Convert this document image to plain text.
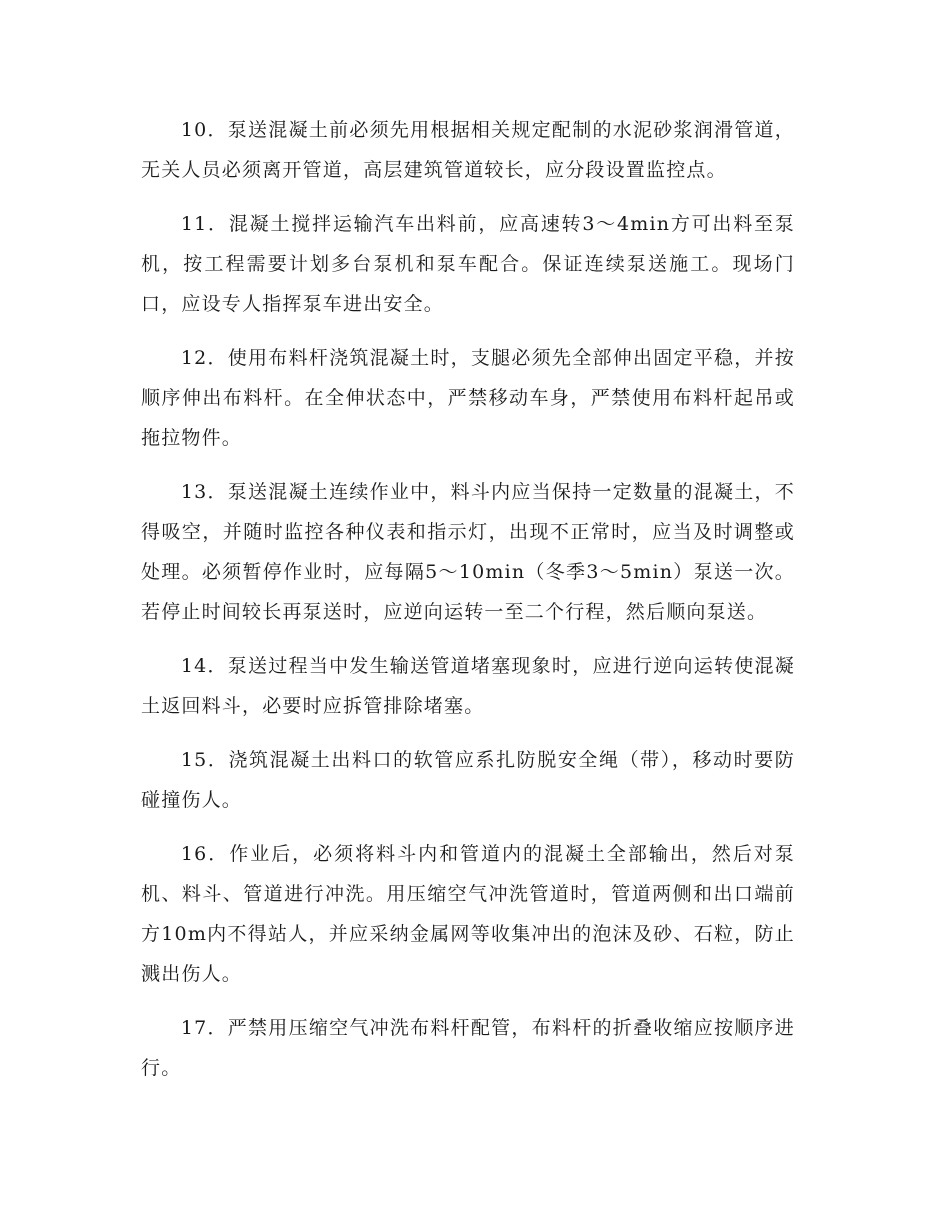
10．泵送混凝土前必须先用根据相关规定配制的水泥砂浆润滑管道，无关人员必须离开管道，高层建筑管道较长，应分段设置监控点。

11．混凝土搅拌运输汽车出料前，应高速转3～4min方可出料至泵机，按工程需要计划多台泵机和泵车配合。保证连续泵送施工。现场门口，应设专人指挥泵车进出安全。

12．使用布料杆浇筑混凝土时，支腿必须先全部伸出固定平稳，并按顺序伸出布料杆。在全伸状态中，严禁移动车身，严禁使用布料杆起吊或拖拉物件。

13．泵送混凝土连续作业中，料斗内应当保持一定数量的混凝土，不得吸空，并随时监控各种仪表和指示灯，出现不正常时，应当及时调整或处理。必须暂停作业时，应每隔5～10min（冬季3～5min）泵送一次。若停止时间较长再泵送时，应逆向运转一至二个行程，然后顺向泵送。

14．泵送过程当中发生输送管道堵塞现象时，应进行逆向运转使混凝土返回料斗，必要时应拆管排除堵塞。

15．浇筑混凝土出料口的软管应系扎防脱安全绳（带），移动时要防碰撞伤人。

16．作业后，必须将料斗内和管道内的混凝土全部输出，然后对泵机、料斗、管道进行冲洗。用压缩空气冲洗管道时，管道两侧和出口端前方10m内不得站人，并应采纳金属网等收集冲出的泡沫及砂、石粒，防止溅出伤人。

17．严禁用压缩空气冲洗布料杆配管，布料杆的折叠收缩应按顺序进行。
